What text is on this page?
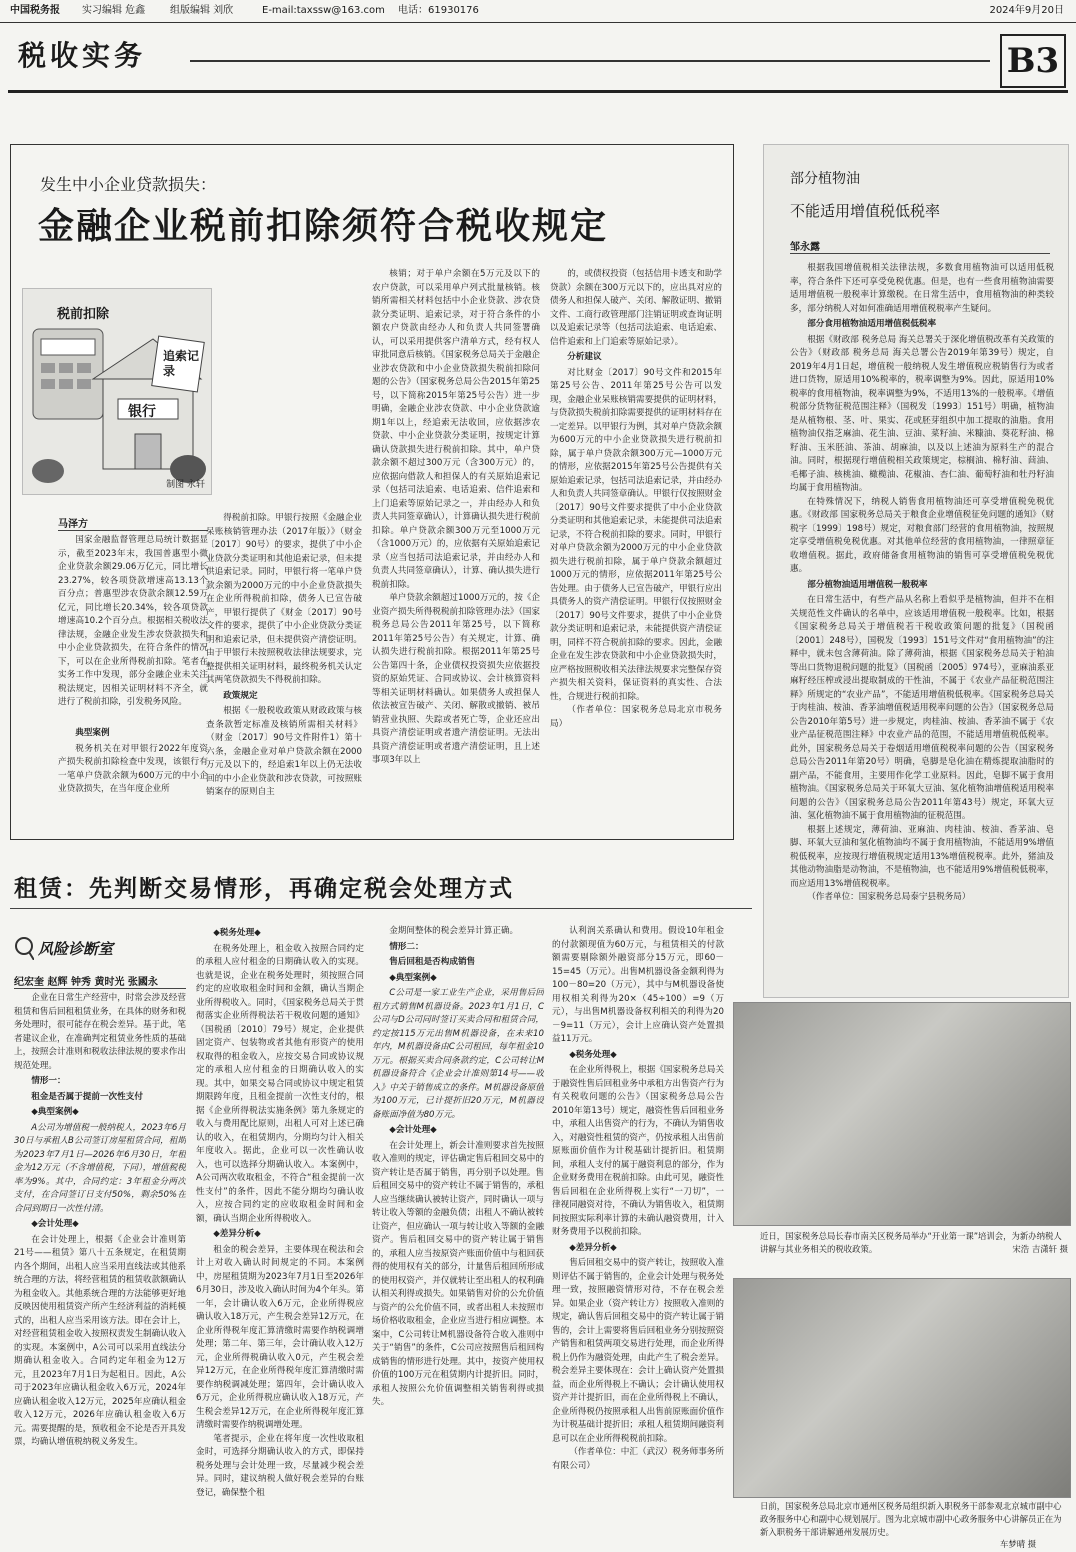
中国税务报 实习编辑 危鑫 组版编辑 刘欣	E-mail:taxssw@163.com 电话：61930176	2024年9月20日
税收实务	B3
发生中小企业贷款损失：
金融企业税前扣除须符合税收规定
税前扣除
追索记录
银行
制图 永轩
马泽方

国家金融监督管理总局统计数据显示，截至2023年末，我国普惠型小微企业贷款余额29.06万亿元，同比增长23.27%，较各项贷款增速高13.13个百分点；普惠型涉农贷款余额12.59万亿元，同比增长20.34%，较各项贷款增速高10.2个百分点。根据相关税收法律法规，金融企业发生涉农贷款损失和中小企业贷款损失，在符合条件的情况下，可以在企业所得税前扣除。笔者在实务工作中发现，部分金融企业未关注税法规定，因相关证明材料不齐全，就进行了税前扣除，引发税务风险。

典型案例

税务机关在对甲银行2022年度资产损失税前扣除检查中发现，该银行有一笔单户贷款余额为600万元的中小企业贷款损失，在当年度企业所

得税前扣除。甲银行按照《金融企业呆账核销管理办法（2017年版）》（财金〔2017〕90号）的要求，提供了中小企业贷款分类证明和其他追索记录，但未提供追索记录。同时，甲银行将一笔单户贷款余额为2000万元的中小企业贷款损失在企业所得税前扣除，债务人已宣告破产，甲银行提供了《财金〔2017〕90号文件的要求，提供了中小企业贷款分类证明和追索记录，但未提供资产清偿证明。由于甲银行未按照税收法律法规要求，完整提供相关证明材料，最终税务机关认定其两笔贷款损失不得税前扣除。

政策规定

根据《一般税收政策从财政政策与核查条款暂定标准及核销所需相关材料》（财金〔2017〕90号文件附件1）第十六条，金融企业对单户贷款余额在2000万元及以下的，经追索1年以上仍无法收回的中小企业贷款和涉农贷款，可按照账销案存的原则自主

核销；对于单户余额在5万元及以下的农户贷款，可以采用单户列式批量核销。核销所需相关材料包括中小企业贷款、涉农贷款分类证明、追索记录，对于符合条件的小额农户贷款由经办人和负责人共同签署确认，可以采用提供客户清单方式，经有权人审批同意后核销。《国家税务总局关于金融企业涉农贷款和中小企业贷款损失税前扣除问题的公告》（国家税务总局公告2015年第25号，以下简称2015年第25号公告）进一步明确，金融企业涉农贷款、中小企业贷款逾期1年以上，经追索无法收回，应依据涉农贷款、中小企业贷款分类证明，按规定计算确认贷款损失进行税前扣除。其中，单户贷款余额不超过300万元（含300万元）的，应依据向借款人和担保人的有关原始追索记录（包括司法追索、电话追索、信件追索和上门追索等原始记录之一，并由经办人和负责人共同签章确认），计算确认损失进行税前扣除。单户贷款余额300万元至1000万元（含1000万元）的，应依据有关原始追索记录（应当包括司法追索记录，并由经办人和负责人共同签章确认），计算、确认损失进行税前扣除。

单户贷款余额超过1000万元的，按《企业资产损失所得税税前扣除管理办法》（国家税务总局公告2011年第25号，以下简称2011年第25号公告）有关规定，计算、确认损失进行税前扣除。根据2011年第25号公告第四十条，企业债权投资损失应依据投资的原始凭证、合同或协议、会计核算资料等相关证明材料确认。如果债务人或担保人依法被宣告破产、关闭、解散或撤销、被吊销营业执照、失踪或者死亡等，企业还应出具资产清偿证明或者遗产清偿证明。无法出具资产清偿证明或者遗产清偿证明，且上述事项3年以上

的，或债权投资（包括信用卡透支和助学贷款）余额在300万元以下的，应出具对应的债务人和担保人破产、关闭、解散证明、撤销文件、工商行政管理部门注销证明或查询证明以及追索记录等（包括司法追索、电话追索、信件追索和上门追索等原始记录）。

分析建议

对比财金〔2017〕90号文件和2015年第25号公告、2011年第25号公告可以发现，金融企业呆账核销需要提供的证明材料，与贷款损失税前扣除需要提供的证明材料存在一定差异。以甲银行为例，其对单户贷款余额为600万元的中小企业贷款损失进行税前扣除，属于单户贷款余额300万元—1000万元的情形，应依据2015年第25号公告提供有关原始追索记录，包括司法追索记录，并由经办人和负责人共同签章确认。甲银行仅按照财金〔2017〕90号文件要求提供了中小企业贷款分类证明和其他追索记录，未能提供司法追索记录，不符合税前扣除的要求。同时，甲银行对单户贷款余额为2000万元的中小企业贷款损失进行税前扣除，属于单户贷款余额超过1000万元的情形，应依据2011年第25号公告处理。由于债务人已宣告破产，甲银行应出具债务人的资产清偿证明。甲银行仅按照财金〔2017〕90号文件要求，提供了中小企业贷款分类证明和追索记录，未能提供资产清偿证明，同样不符合税前扣除的要求。因此，金融企业在发生涉农贷款和中小企业贷款损失时，应严格按照税收相关法律法规要求完整保存资产损失相关资料，保证资料的真实性、合法性，合规进行税前扣除。

（作者单位：国家税务总局北京市税务局）

部分植物油
不能适用增值税低税率
邹永露

根据我国增值税相关法律法规，多数食用植物油可以适用低税率，符合条件下还可享受免税优惠。但是，也有一些食用植物油需要适用增值税一般税率计算缴税。在日常生活中，食用植物油的种类较多，部分纳税人对如何准确适用增值税税率产生疑问。

部分食用植物油适用增值税低税率

根据《财政部 税务总局 海关总署关于深化增值税改革有关政策的公告》（财政部 税务总局 海关总署公告2019年第39号）规定，自2019年4月1日起，增值税一般纳税人发生增值税应税销售行为或者进口货物，原适用10%税率的，税率调整为9%。因此，原适用10%税率的食用植物油，税率调整为9%，不适用13%的一般税率。《增值税部分货物征税范围注释》（国税发〔1993〕151号）明确，植物油是从植物根、茎、叶、果实、花或胚芽组织中加工提取的油脂。食用植物油仅指芝麻油、花生油、豆油、菜籽油、米糠油、葵花籽油、棉籽油、玉米胚油、茶油、胡麻油，以及以上述油为原料生产的混合油。同时，根据现行增值税相关政策规定，棕榈油、棉籽油、茴油、毛椰子油、核桃油、橄榄油、花椒油、杏仁油、葡萄籽油和牡丹籽油均属于食用植物油。

在特殊情况下，纳税人销售食用植物油还可享受增值税免税优惠。《财政部 国家税务总局关于粮食企业增值税征免问题的通知》（财税字〔1999〕198号）规定，对粮食部门经营的食用植物油，按照规定享受增值税免税优惠。对其他单位经营的食用植物油，一律照章征收增值税。据此，政府储备食用植物油的销售可享受增值税免税优惠。

部分植物油适用增值税一般税率

在日常生活中，有些产品从名称上看似乎是植物油，但并不在相关规范性文件确认的名单中，应该适用增值税一般税率。比如，根据《国家税务总局关于增值税若干税收政策问题的批复》（国税函〔2001〕248号），国税发〔1993〕151号文件对“食用植物油”的注释中，就未包含薄荷油。除了薄荷油，根据《国家税务总局关于粕油等出口货物退税问题的批复》（国税函〔2005〕974号），亚麻油系亚麻籽经压榨或浸出提取制成的干性油，不属于《农业产品征税范围注释》所规定的“农业产品”，不能适用增值税低税率。《国家税务总局关于肉桂油、桉油、香茅油增值税适用税率问题的公告》（国家税务总局公告2010年第5号）进一步规定，肉桂油、桉油、香茅油不属于《农业产品征税范围注释》中农业产品的范围，不能适用增值税低税率。此外，国家税务总局关于卷烟适用增值税税率问题的公告（国家税务总局公告2011年第20号）明确，皂脚是皂化油在精炼提取油脂时的副产品，不能食用，主要用作化学工业原料。因此，皂脚不属于食用植物油。《国家税务总局关于环氧大豆油、氢化植物油增值税适用税率问题的公告》（国家税务总局公告2011年第43号）规定，环氧大豆油、氢化植物油不属于食用植物油的征税范围。

根据上述规定，薄荷油、亚麻油、肉桂油、桉油、香茅油、皂脚、环氧大豆油和氢化植物油均不属于食用植物油，不能适用9%增值税低税率，应按现行增值税规定适用13%增值税税率。此外，猪油及其他动物油脂是动物油，不是植物油，也不能适用9%增值税低税率，而应适用13%增值税税率。

（作者单位：国家税务总局泰宁县税务局）

租赁：先判断交易情形，再确定税会处理方式
风险诊断室
纪宏奎 赵辉 钟秀 黄时光 张國永

企业在日常生产经营中，时常会涉及经营租赁和售后回租租赁业务，在具体的财务和税务处理时，很可能存在税会差异。基于此，笔者建议企业，在准确判定租赁业务性质的基础上，按照会计准则和税收法律法规的要求作出规范处理。

情形一：
租金是否属于提前一次性支付
◆典型案例◆

A公司为增值税一般纳税人，2023年6月30日与承租人B公司签订房屋租赁合同，租期为2023年7月1日—2026年6月30日，年租金为12万元（不含增值税，下同），增值税税率为9%。其中，合同约定：3年租金分两次支付，在合同签订日支付50%，剩余50%在合同到期日一次性付清。

◆会计处理◆

在会计处理上，根据《企业会计准则第21号——租赁》第八十五条规定，在租赁期内各个期间，出租人应当采用直线法或其他系统合理的方法，将经营租赁的租赁收款额确认为租金收入。其他系统合理的方法能够更好地反映因使用租赁资产所产生经济利益的消耗模式的，出租人应当采用该方法。即在会计上，对经营租赁租金收入按照权责发生制确认收入的实现。本案例中，A公司可以采用直线法分期确认租金收入。合同约定年租金为12万元，且2023年7月1日为起租日。因此，A公司于2023年应确认租金收入6万元，2024年应确认租金收入12万元，2025年应确认租金收入12万元，2026年应确认租金收入6万元。需要提醒的是，预收租金不论是否开具发票，均确认增值税纳税义务发生。

◆税务处理◆

在税务处理上，租金收入按照合同约定的承租人应付租金的日期确认收入的实现。也就是说，企业在税务处理时，须按照合同约定的应收取租金时间和金额，确认当期企业所得税收入。同时，《国家税务总局关于贯彻落实企业所得税法若干税收问题的通知》（国税函〔2010〕79号）规定，企业提供固定资产、包装物或者其他有形资产的使用权取得的租金收入，应按交易合同或协议规定的承租人应付租金的日期确认收入的实现。其中，如果交易合同或协议中规定租赁期限跨年度，且租金提前一次性支付的，根据《企业所得税法实施条例》第九条规定的收入与费用配比原则，出租人可对上述已确认的收入，在租赁期内，分期均匀计入相关年度收入。据此，企业可以一次性确认收入，也可以选择分期确认收入。本案例中，A公司两次收取租金，不符合“租金提前一次性支付”的条件，因此不能分期均匀确认收入，应按合同约定的应收取租金时间和金额，确认当期企业所得税收入。

◆差异分析◆

租金的税会差异，主要体现在税法和会计上对收入确认时间规定的不同。本案例中，房屋租赁期为2023年7月1日至2026年6月30日，涉及收入确认时间为4个年头。第一年，会计确认收入6万元，企业所得税应确认收入18万元，产生税会差异12万元，在企业所得税年度汇算清缴时需要作纳税调增处理；第二年、第三年，会计确认收入12万元，企业所得税确认收入0元，产生税会差异12万元，在企业所得税年度汇算清缴时需要作纳税调减处理；第四年，会计确认收入6万元，企业所得税应确认收入18万元，产生税会差异12万元，在企业所得税年度汇算清缴时需要作纳税调增处理。

笔者提示，企业在将年度一次性收取租金时，可选择分期确认收入的方式，即保持税务处理与会计处理一致，尽量减少税会差异。同时，建议纳税人做好税会差异的台账登记，确保整个租

金期间整体的税会差异计算正确。

情形二：
售后回租是否构成销售
◆典型案例◆

C公司是一家工业生产企业，采用售后回租方式销售M机器设备。2023年1月1日，C公司与D公司同时签订买卖合同和租赁合同，约定按115万元出售M机器设备，在未来10年内，M机器设备由C公司租回，每年租金10万元。根据买卖合同条款约定，C公司转让M机器设备符合《企业会计准则第14号——收入》中关于销售成立的条件。M机器设备原值为100万元，已计提折旧20万元，M机器设备账面净值为80万元。

◆会计处理◆

在会计处理上，新会计准则要求首先按照收入准则的规定，评估确定售后租回交易中的资产转让是否属于销售，再分别予以处理。售后租回交易中的资产转让不属于销售的，承租人应当继续确认被转让资产，同时确认一项与转让收入等额的金融负债；出租人不确认被转让资产，但应确认一项与转让收入等额的金融资产。售后租回交易中的资产转让属于销售的，承租人应当按原资产账面价值中与租回获得的使用权有关的部分，计量售后租回所形成的使用权资产，并仅就转让至出租人的权利确认相关利得或损失。如果销售对价的公允价值与资产的公允价值不同，或者出租人未按照市场价格收取租金，企业应当进行相应调整。本案中，C公司转让M机器设备符合收入准则中关于“销售”的条件，C公司应按照售后租回构成销售的情形进行处理。其中，按资产使用权价值的100万元在租赁期内计提折旧。同时，承租人按照公允价值调整相关销售利得或损失。

认利润关系确认和费用。假设10年租金的付款额现值为60万元，与租赁相关的付款额需要剔除额外融资部分15万元，即60－15=45（万元）。出售M机器设备金额利得为100－80=20（万元），其中与M机器设备使用权相关利得为20×（45÷100）=9（万元），与出售M机器设备权利相关的利得为20－9=11（万元），会计上应确认资产处置损益11万元。

◆税务处理◆

在企业所得税上，根据《国家税务总局关于融资性售后回租业务中承租方出售资产行为有关税收问题的公告》（国家税务总局公告2010年第13号）规定，融资性售后回租业务中，承租人出售资产的行为，不确认为销售收入，对融资性租赁的资产，仍按承租人出售前原账面价值作为计税基础计提折旧。租赁期间，承租人支付的属于融资利息的部分，作为企业财务费用在税前扣除。由此可见，融资性售后回租在企业所得税上实行“一刀切”，一律视同融资对待，不确认为销售收入，租赁期间按照实际利率计算的未确认融资费用，计入财务费用予以税前扣除。

◆差异分析◆

售后回租交易中的资产转让，按照收入准则评估不属于销售的，企业会计处理与税务处理一致，按照融资情形对待，不存在税会差异。如果企业（资产转让方）按照收入准则的规定，确认售后回租交易中的资产转让属于销售的，会计上需要将售后回租业务分别按照资产销售和租赁两项交易进行处理，而企业所得税上仍作为融资处理，由此产生了税会差异。税会差异主要体现在：会计上确认资产处置损益，而企业所得税上不确认；会计确认使用权资产并计提折旧，而在企业所得税上不确认，企业所得税仍按照承租人出售前原账面价值作为计税基础计提折旧；承租人租赁期间融资利息可以在企业所得税税前扣除。

（作者单位：中汇（武汉）税务师事务所有限公司）

近日，国家税务总局长春市南关区税务局举办“开业第一课”培训会，为新办纳税人讲解与其业务相关的税收政策。	宋浩 吉潇轩 摄
日前，国家税务总局北京市通州区税务局组织新入职税务干部参观北京城市副中心政务服务中心和副中心规划展厅。图为北京城市副中心政务服务中心讲解员正在为新入职税务干部讲解通州发展历史。
车梦晴 摄
